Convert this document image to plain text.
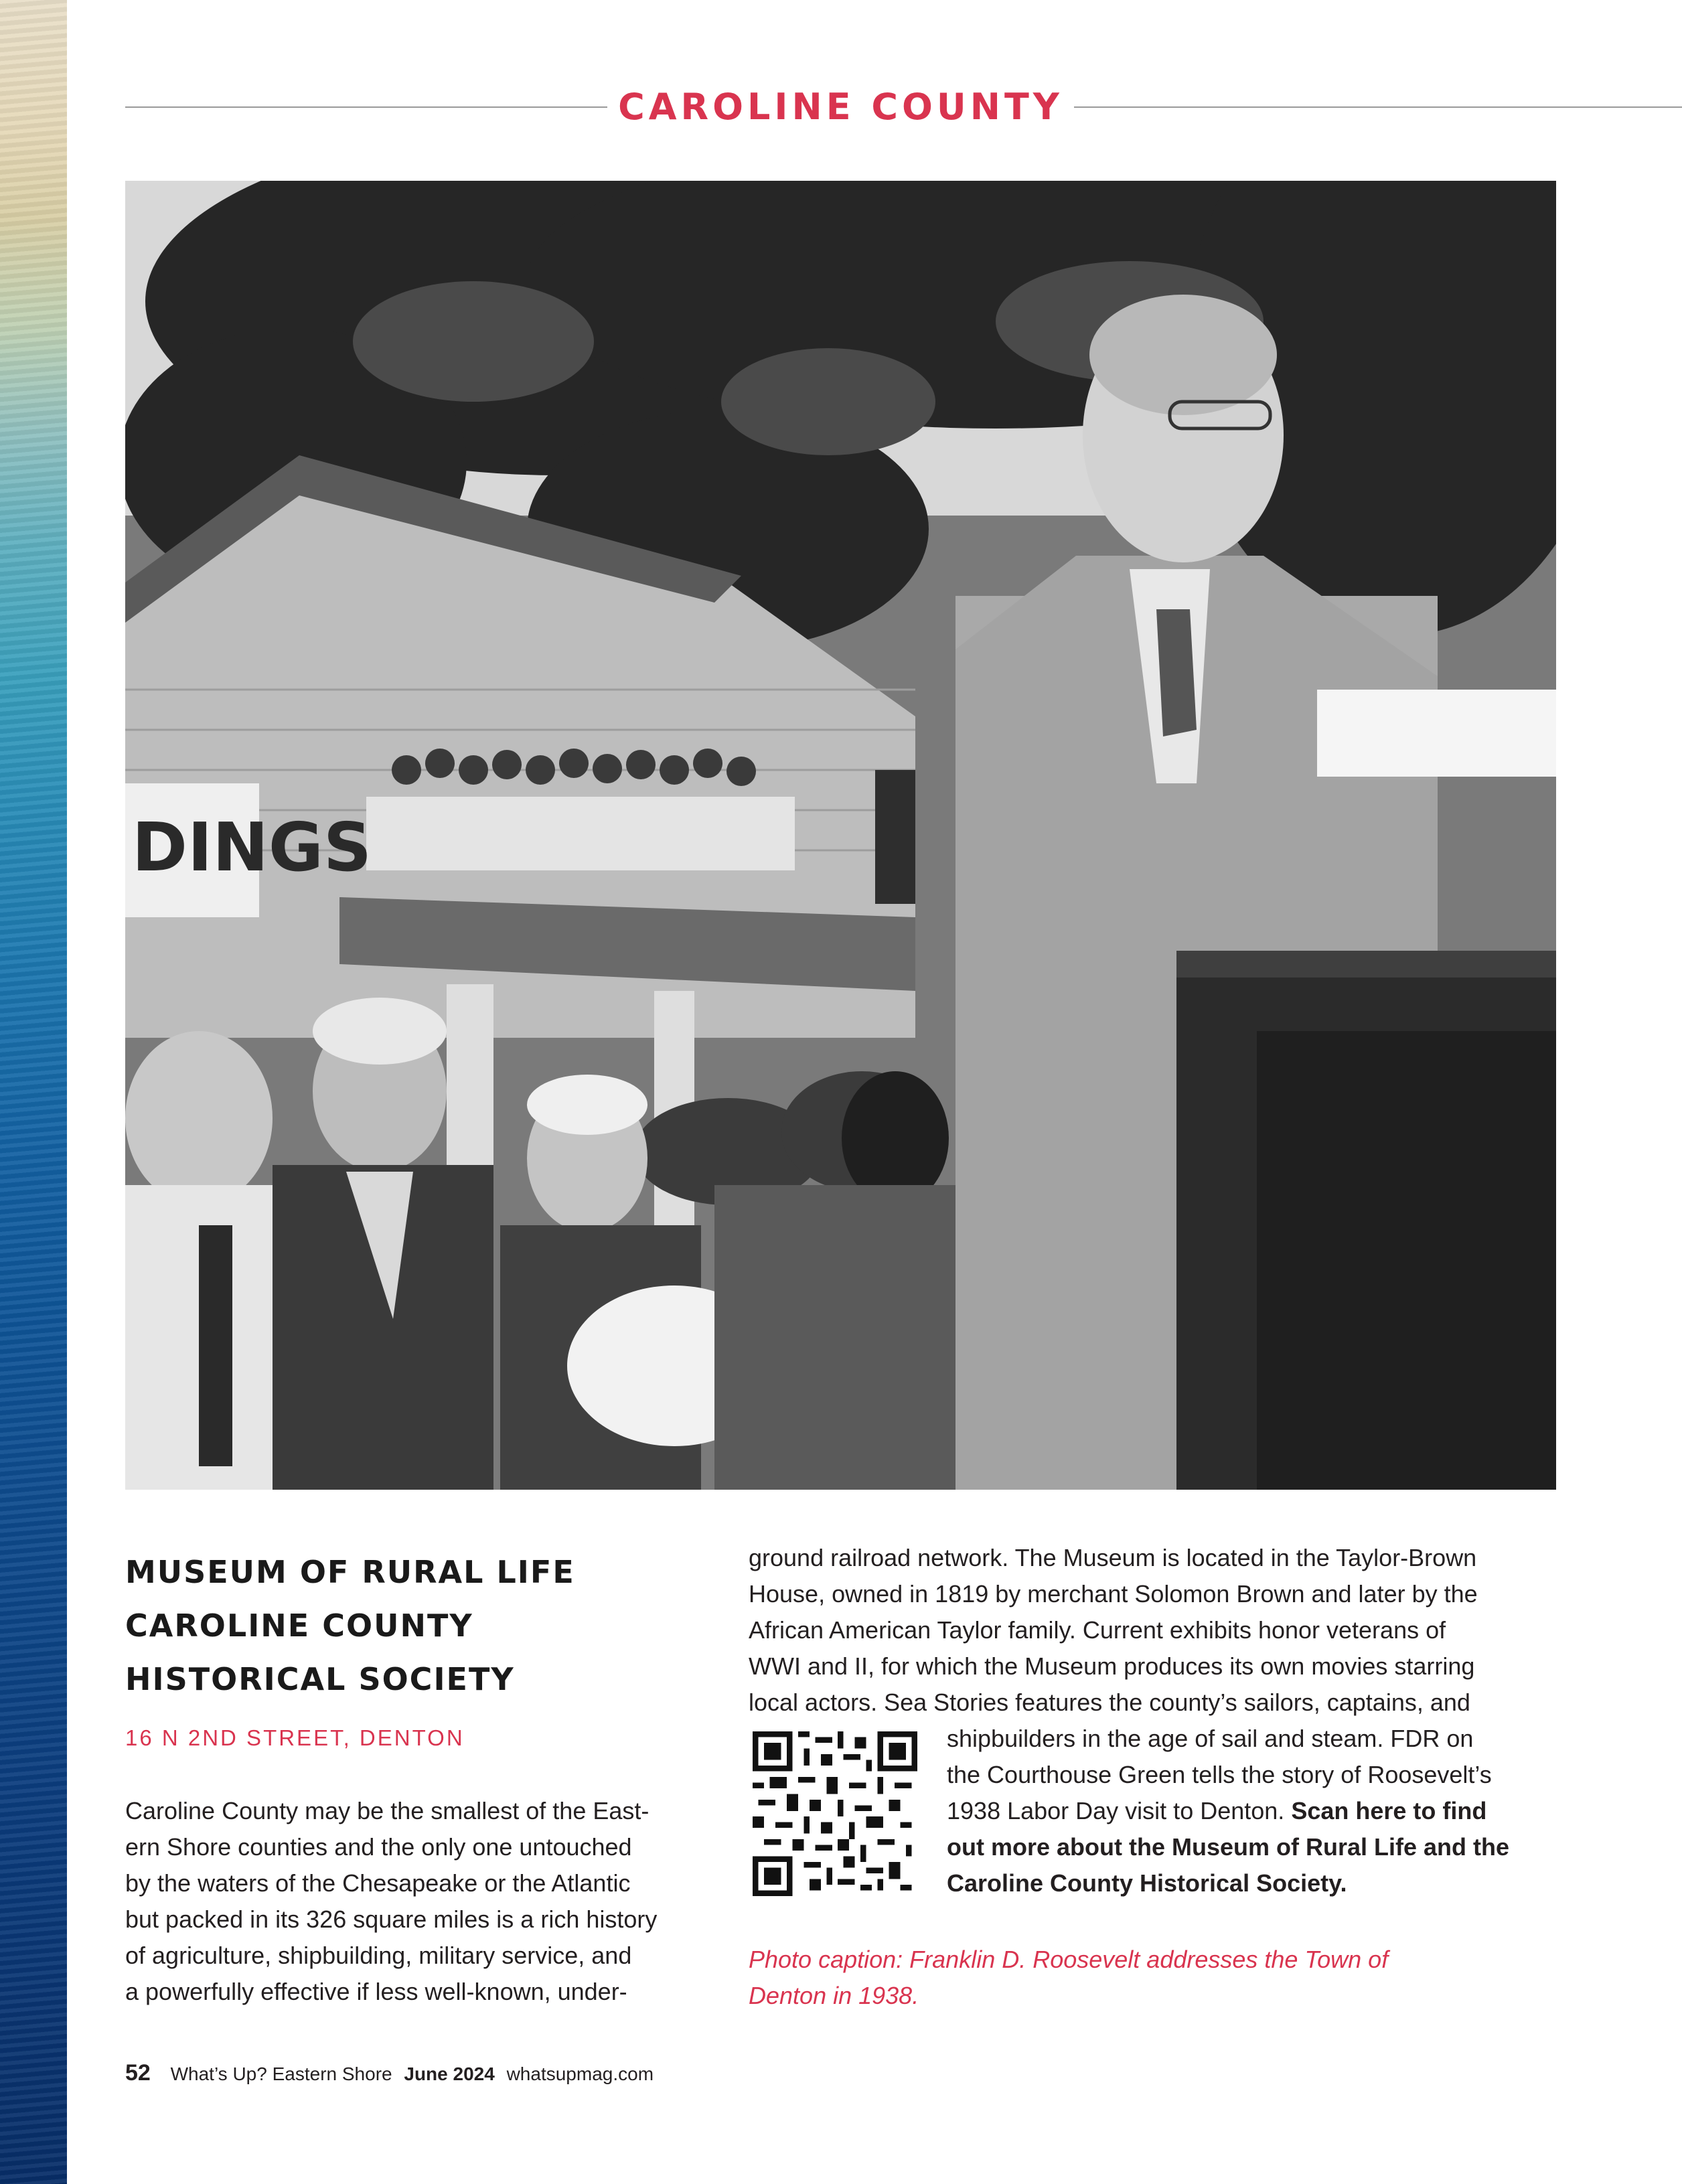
CAROLINE COUNTY
DINGS
MUSEUM OF RURAL LIFE
CAROLINE COUNTY
HISTORICAL SOCIETY
16 N 2ND STREET, DENTON
Caroline County may be the smallest of the East-
ern Shore counties and the only one untouched
by the waters of the Chesapeake or the Atlantic
but packed in its 326 square miles is a rich history
of agriculture, shipbuilding, military service, and
a powerfully effective if less well-known, under-
ground railroad network. The Museum is located in the Taylor-Brown
House, owned in 1819 by merchant Solomon Brown and later by the
African American Taylor family. Current exhibits honor veterans of
WWI and II, for which the Museum produces its own movies starring
local actors. Sea Stories features the county’s sailors, captains, and
shipbuilders in the age of sail and steam. FDR on
the Courthouse Green tells the story of Roosevelt’s
1938 Labor Day visit to Denton. Scan here to find
out more about the Museum of Rural Life and the
Caroline County Historical Society.
Photo caption: Franklin D. Roosevelt addresses the Town of
Denton in 1938.
52 What’s Up? Eastern Shore June 2024 whatsupmag.com
